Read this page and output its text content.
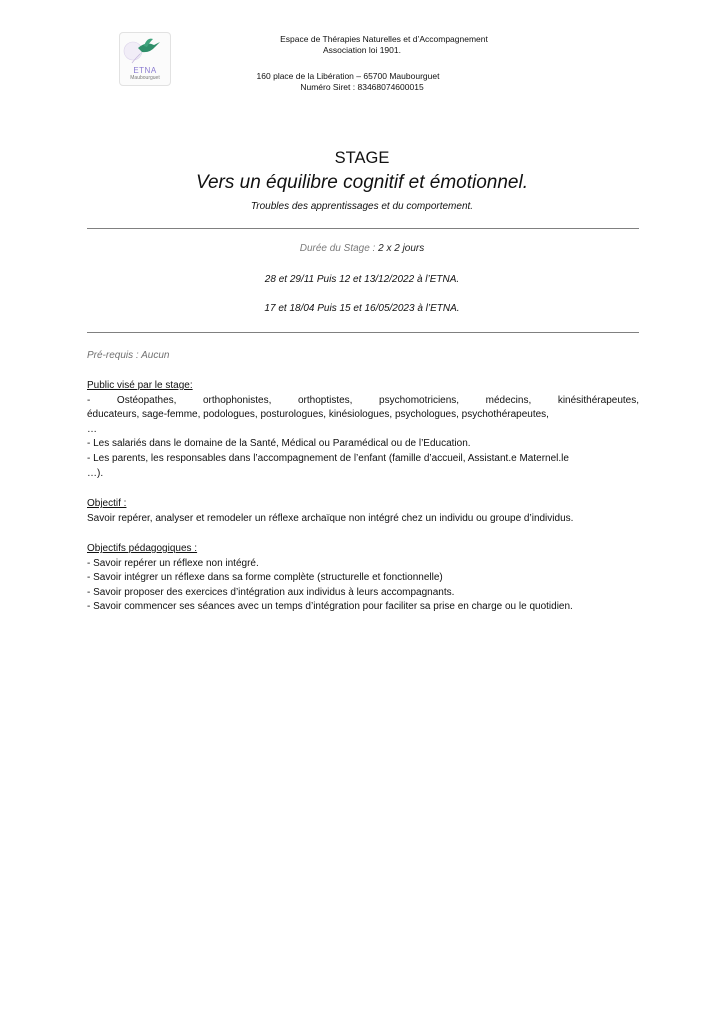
ETNA
Maubourguet
Espace de Thérapies Naturelles et d’Accompagnement
Association loi 1901.
160 place de la Libération – 65700 Maubourguet
Numéro Siret : 83468074600015
STAGE
Vers un équilibre cognitif et émotionnel.
Troubles des apprentissages et du comportement.
Durée du Stage : 2 x 2 jours
28 et 29/11 Puis 12 et 13/12/2022 à l’ETNA.
17 et 18/04 Puis 15 et 16/05/2023 à l’ETNA.
Pré-requis : Aucun
Public visé par le stage:
- Ostéopathes, orthophonistes, orthoptistes, psychomotriciens, médecins, kinésithérapeutes,
éducateurs, sage-femme, podologues, posturologues, kinésiologues, psychologues, psychothérapeutes,
…
- Les salariés dans le domaine de la Santé, Médical ou Paramédical ou de l’Education.
- Les parents, les responsables dans l’accompagnement de l’enfant (famille d’accueil, Assistant.e Maternel.le
…).
Objectif :
Savoir repérer, analyser et remodeler un réflexe archaïque non intégré chez un individu ou groupe d’individus.
Objectifs pédagogiques :
- Savoir repérer un réflexe non intégré.
- Savoir intégrer un réflexe dans sa forme complète (structurelle et fonctionnelle)
- Savoir proposer des exercices d’intégration aux individus à leurs accompagnants.
- Savoir commencer ses séances avec un temps d’intégration pour faciliter sa prise en charge ou le quotidien.
